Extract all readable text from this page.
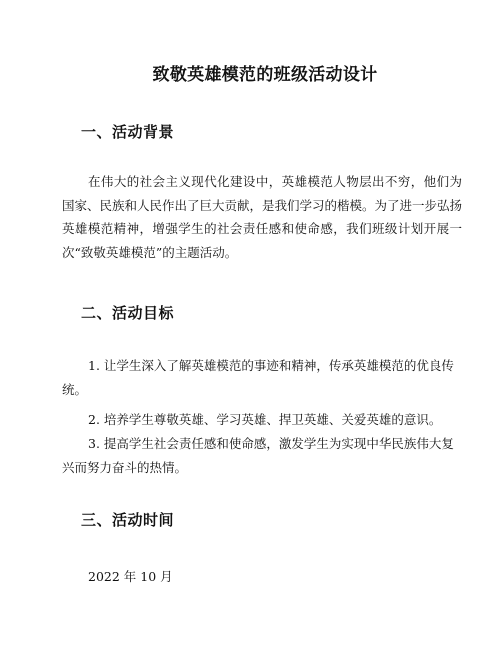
致敬英雄模范的班级活动设计
一、活动背景

在伟大的社会主义现代化建设中，英雄模范人物层出不穷，他们为国家、民族和人民作出了巨大贡献，是我们学习的楷模。为了进一步弘扬英雄模范精神，增强学生的社会责任感和使命感，我们班级计划开展一次“致敬英雄模范”的主题活动。

二、活动目标

1. 让学生深入了解英雄模范的事迹和精神，传承英雄模范的优良传统。

2. 培养学生尊敬英雄、学习英雄、捍卫英雄、关爱英雄的意识。

3. 提高学生社会责任感和使命感，激发学生为实现中华民族伟大复兴而努力奋斗的热情。

三、活动时间

2022 年 10 月
